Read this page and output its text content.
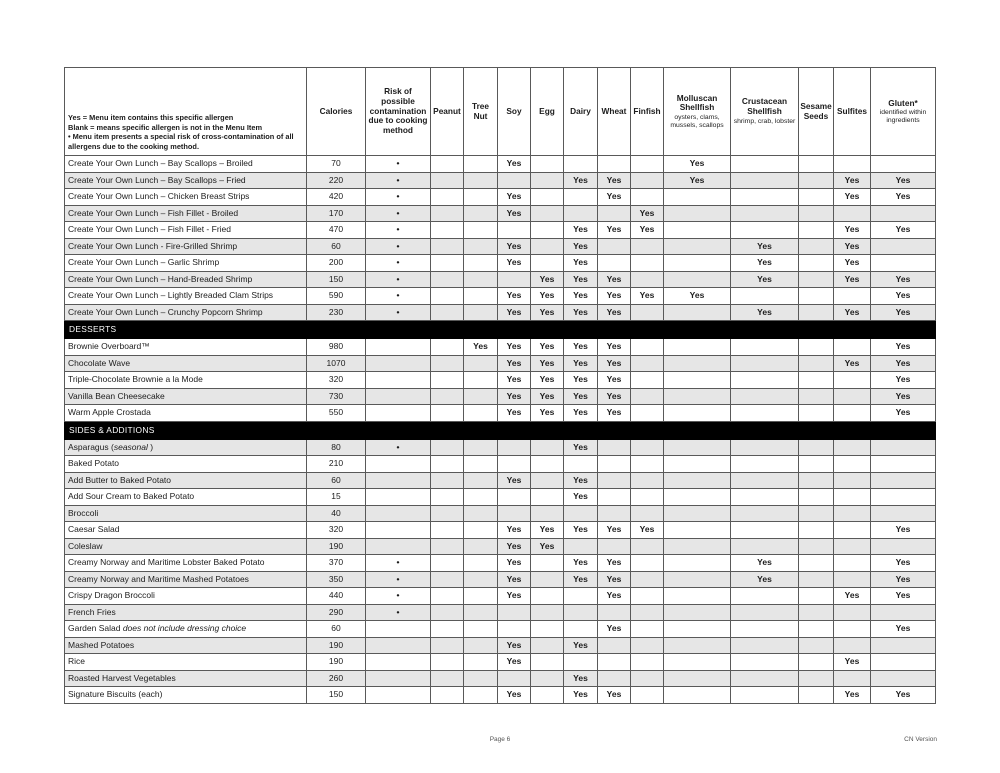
Yes = Menu item contains this specific allergen
Blank = means specific allergen is not in the Menu Item
• Menu item presents a special risk of cross-contamination of all allergens due to the cooking method.

Calories

Risk of possible contamination due to cooking method

Peanut	Tree Nut	Soy	Egg	Dairy	Wheat	Finfish

Molluscan Shellfish
oysters, clams, mussels, scallops

Crustacean Shellfish
shrimp, crab, lobster

Sesame Seeds	Sulfites

Gluten*
identified within ingredients

Create Your Own Lunch – Bay Scallops – Broiled	70	•			Yes					Yes				
Create Your Own Lunch – Bay Scallops – Fried	220	•					Yes	Yes		Yes			Yes	Yes
Create Your Own Lunch – Chicken Breast Strips	420	•			Yes			Yes					Yes	Yes
Create Your Own Lunch – Fish Fillet - Broiled	170	•			Yes				Yes					
Create Your Own Lunch – Fish Fillet - Fried	470	•					Yes	Yes	Yes				Yes	Yes
Create Your Own Lunch - Fire-Grilled Shrimp	60	•			Yes		Yes				Yes		Yes	
Create Your Own Lunch – Garlic Shrimp	200	•			Yes		Yes				Yes		Yes	
Create Your Own Lunch – Hand-Breaded Shrimp	150	•				Yes	Yes	Yes			Yes		Yes	Yes
Create Your Own Lunch – Lightly Breaded Clam Strips	590	•			Yes	Yes	Yes	Yes	Yes	Yes				Yes
Create Your Own Lunch – Crunchy Popcorn Shrimp	230	•			Yes	Yes	Yes	Yes			Yes		Yes	Yes
DESSERTS														
Brownie Overboard™	980			Yes	Yes	Yes	Yes	Yes						Yes
Chocolate Wave	1070				Yes	Yes	Yes	Yes					Yes	Yes
Triple-Chocolate Brownie a la Mode	320				Yes	Yes	Yes	Yes						Yes
Vanilla Bean Cheesecake	730				Yes	Yes	Yes	Yes						Yes
Warm Apple Crostada	550				Yes	Yes	Yes	Yes						Yes
SIDES & ADDITIONS														
Asparagus (seasonal )	80	•					Yes							
Baked Potato	210													
Add Butter to Baked Potato	60				Yes		Yes							
Add Sour Cream to Baked Potato	15						Yes							
Broccoli	40													
Caesar Salad	320				Yes	Yes	Yes	Yes	Yes					Yes
Coleslaw	190				Yes	Yes								
Creamy Norway and Maritime Lobster Baked Potato	370	•			Yes		Yes	Yes			Yes			Yes
Creamy Norway and Maritime Mashed Potatoes	350	•			Yes		Yes	Yes			Yes			Yes
Crispy Dragon Broccoli	440	•			Yes			Yes					Yes	Yes
French Fries	290	•												
Garden Salad does not include dressing choice	60							Yes						Yes
Mashed Potatoes	190				Yes		Yes							
Rice	190				Yes								Yes	
Roasted Harvest Vegetables	260						Yes							
Signature Biscuits (each)	150				Yes		Yes	Yes					Yes	Yes
Page 6	CN Version
